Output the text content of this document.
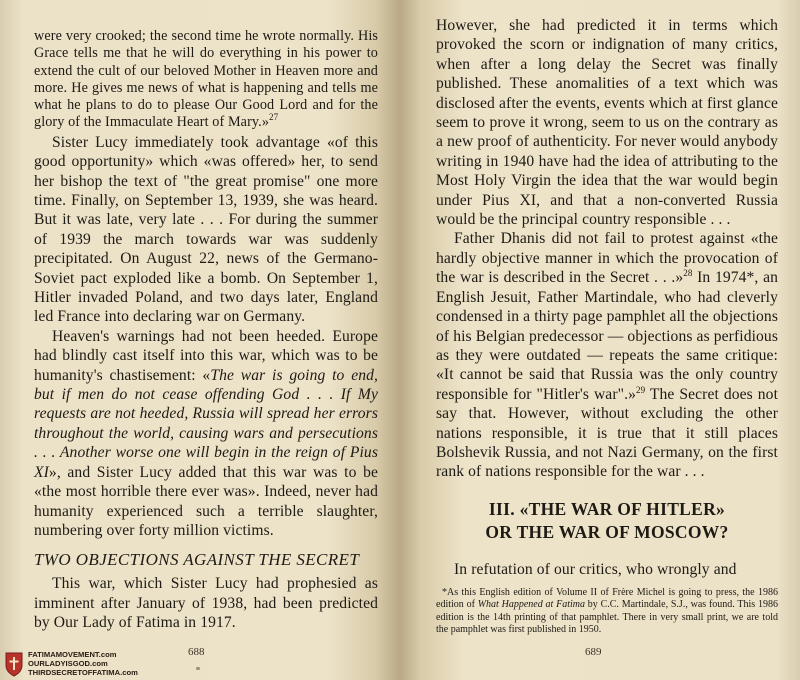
were very crooked; the second time he wrote normally. His Grace tells me that he will do everything in his power to extend the cult of our beloved Mother in Heaven more and more. He gives me news of what is happening and tells me what he plans to do to please Our Good Lord and for the glory of the Immaculate Heart of Mary.»$^{27}$

Sister Lucy immediately took advantage «of this good opportunity» which «was offered» her, to send her bishop the text of "the great promise" one more time. Finally, on September 13, 1939, she was heard. But it was late, very late . . . For during the summer of 1939 the march towards war was suddenly precipitated. On August 22, news of the Germano-Soviet pact exploded like a bomb. On September 1, Hitler invaded Poland, and two days later, England led France into declaring war on Germany.

Heaven's warnings had not been heeded. Europe had blindly cast itself into this war, which was to be humanity's chastisement: «The war is going to end, but if men do not cease offending God . . . If My requests are not heeded, Russia will spread her errors throughout the world, causing wars and persecutions . . . Another worse one will begin in the reign of Pius XI», and Sister Lucy added that this war was to be «the most horrible there ever was». Indeed, never had humanity experienced such a terrible slaughter, numbering over forty million victims.

TWO OBJECTIONS AGAINST THE SECRET

This war, which Sister Lucy had prophesied as imminent after January of 1938, had been predicted by Our Lady of Fatima in 1917.

688
FATIMAMOVEMENT.com
OURLADYISGOD.com
THIRDSECRETOFFATIMA.com

However, she had predicted it in terms which provoked the scorn or indignation of many critics, when after a long delay the Secret was finally published. These anomalities of a text which was disclosed after the events, events which at first glance seem to prove it wrong, seem to us on the contrary as a new proof of authenticity. For never would anybody writing in 1940 have had the idea of attributing to the Most Holy Virgin the idea that the war would begin under Pius XI, and that a non-converted Russia would be the principal country responsible . . .

Father Dhanis did not fail to protest against «the hardly objective manner in which the provocation of the war is described in the Secret . . .»$^{28}$ In 1974*, an English Jesuit, Father Martindale, who had cleverly condensed in a thirty page pamphlet all the objections of his Belgian predecessor — objections as perfidious as they were outdated — repeats the same critique: «It cannot be said that Russia was the only country responsible for "Hitler's war".»$^{29}$ The Secret does not say that. However, without excluding the other nations responsible, it is true that it still places Bolshevik Russia, and not Nazi Germany, on the first rank of nations responsible for the war . . .

III. «THE WAR OF HITLER»
OR THE WAR OF MOSCOW?

In refutation of our critics, who wrongly and

*As this English edition of Volume II of Frère Michel is going to press, the 1986 edition of What Happened at Fatima by C.C. Martindale, S.J., was found. This 1986 edition is the 14th printing of that pamphlet. There in very small print, we are told the pamphlet was first published in 1950.

689
